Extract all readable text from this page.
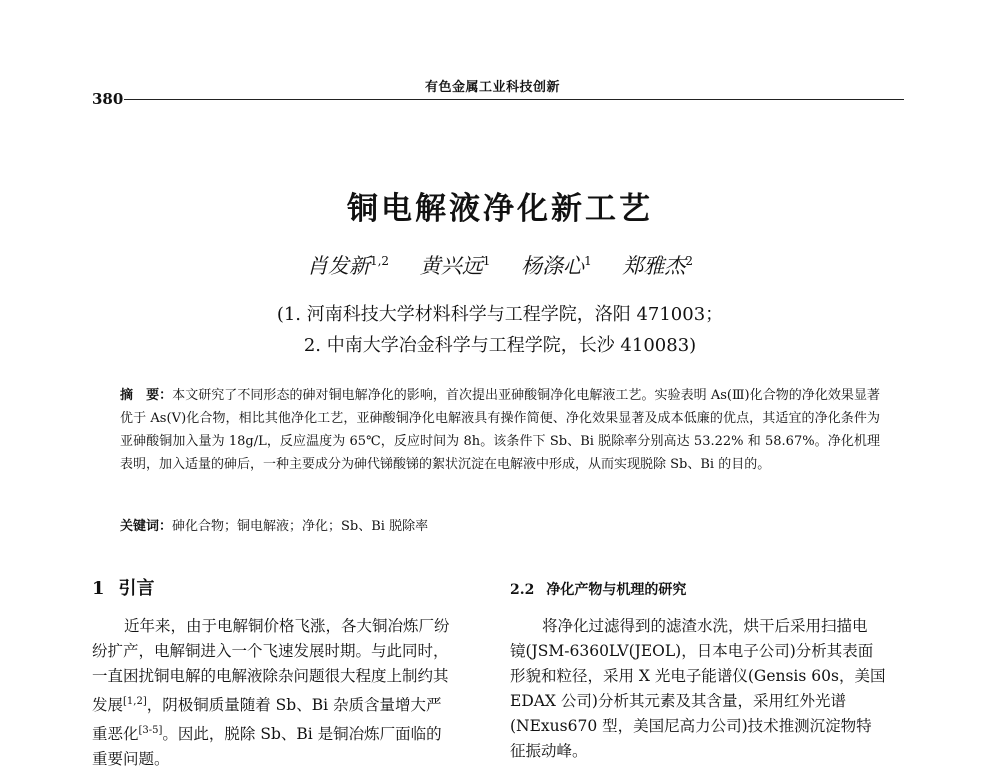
380
有色金属工业科技创新
铜电解液净化新工艺
肖发新$^{1,2}$ 黄兴远$^1$ 杨涤心$^1$ 郑雅杰$^2$
(1. 河南科技大学材料科学与工程学院，洛阳 471003；
2. 中南大学冶金科学与工程学院，长沙 410083)
摘　要：本文研究了不同形态的砷对铜电解净化的影响，首次提出亚砷酸铜净化电解液工艺。实验表明 As(Ⅲ)化合物的净化效果显著优于 As(Ⅴ)化合物，相比其他净化工艺，亚砷酸铜净化电解液具有操作简便、净化效果显著及成本低廉的优点，其适宜的净化条件为亚砷酸铜加入量为 18g/L，反应温度为 65℃，反应时间为 8h。该条件下 Sb、Bi 脱除率分别高达 53.22% 和 58.67%。净化机理表明，加入适量的砷后，一种主要成分为砷代锑酸锑的絮状沉淀在电解液中形成，从而实现脱除 Sb、Bi 的目的。
关键词：砷化合物；铜电解液；净化；Sb、Bi 脱除率
1 引言	2.2 净化产物与机理的研究
近年来，由于电解铜价格飞涨，各大铜冶炼厂纷
纷扩产，电解铜进入一个飞速发展时期。与此同时，
一直困扰铜电解的电解液除杂问题很大程度上制约其
发展[1,2]，阴极铜质量随着 Sb、Bi 杂质含量增大严
重恶化[3-5]。因此，脱除 Sb、Bi 是铜冶炼厂面临的
重要问题。
将净化过滤得到的滤渣水洗，烘干后采用扫描电
镜(JSM-6360LV(JEOL)，日本电子公司)分析其表面
形貌和粒径，采用 X 光电子能谱仪(Gensis 60s，美国
EDAX 公司)分析其元素及其含量，采用红外光谱
(NExus670 型，美国尼高力公司)技术推测沉淀物特
征振动峰。
